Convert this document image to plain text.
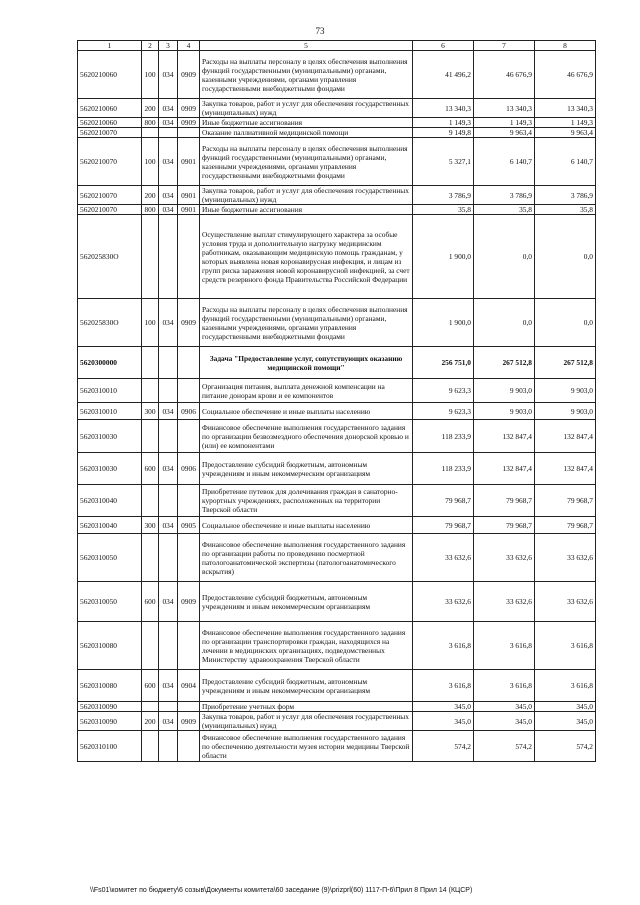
73
1	2	3	4	5	6	7	8
5620210060	100	034	0909	Расходы на выплаты персоналу в целях обеспечения выполнения функций государственными (муниципальными) органами, казенными учреждениями, органами управления государственными внебюджетными фондами	41 496,2	46 676,9	46 676,9
5620210060	200	034	0909	Закупка товаров, работ и услуг для обеспечения государственных (муниципальных) нужд	13 340,3	13 340,3	13 340,3
5620210060	800	034	0909	Иные бюджетные ассигнования	1 149,3	1 149,3	1 149,3
5620210070				Оказание паллиативной медицинской помощи	9 149,8	9 963,4	9 963,4
5620210070	100	034	0901	Расходы на выплаты персоналу в целях обеспечения выполнения функций государственными (муниципальными) органами, казенными учреждениями, органами управления государственными внебюджетными фондами	5 327,1	6 140,7	6 140,7
5620210070	200	034	0901	Закупка товаров, работ и услуг для обеспечения государственных (муниципальных) нужд	3 786,9	3 786,9	3 786,9
5620210070	800	034	0901	Иные бюджетные ассигнования	35,8	35,8	35,8
562025830О				Осуществление выплат стимулирующего характера за особые условия труда и дополнительную нагрузку медицинским работникам, оказывающим медицинскую помощь гражданам, у которых выявлена новая коронавирусная инфекция, и лицам из групп риска заражения новой коронавирусной инфекцией, за счет средств резервного фонда Правительства Российской Федерации	1 900,0	0,0	0,0
562025830О	100	034	0909	Расходы на выплаты персоналу в целях обеспечения выполнения функций государственными (муниципальными) органами, казенными учреждениями, органами управления государственными внебюджетными фондами	1 900,0	0,0	0,0
5620300000				Задача "Предоставление услуг, сопутствующих оказанию медицинской помощи"	256 751,0	267 512,8	267 512,8
5620310010				Организация питания, выплата денежной компенсации на питание донорам крови и ее компонентов	9 623,3	9 903,0	9 903,0
5620310010	300	034	0906	Социальное обеспечение и иные выплаты населению	9 623,3	9 903,0	9 903,0
5620310030				Финансовое обеспечение выполнения государственного задания по организации безвозмездного обеспечения донорской кровью и (или) ее компонентами	118 233,9	132 847,4	132 847,4
5620310030	600	034	0906	Предоставление субсидий бюджетным, автономным учреждениям и иным некоммерческим организациям	118 233,9	132 847,4	132 847,4
5620310040				Приобретение путевок для долечивания граждан в санаторно-курортных учреждениях, расположенных на территории Тверской области	79 968,7	79 968,7	79 968,7
5620310040	300	034	0905	Социальное обеспечение и иные выплаты населению	79 968,7	79 968,7	79 968,7
5620310050				Финансовое обеспечение выполнения государственного задания по организации работы по проведению посмертной патологоанатомической экспертизы (патологоанатомического вскрытия)	33 632,6	33 632,6	33 632,6
5620310050	600	034	0909	Предоставление субсидий бюджетным, автономным учреждениям и иным некоммерческим организациям	33 632,6	33 632,6	33 632,6
5620310080				Финансовое обеспечение выполнения государственного задания по организации транспортировки граждан, находящихся на лечении в медицинских организациях, подведомственных Министерству здравоохранения Тверской области	3 616,8	3 616,8	3 616,8
5620310080	600	034	0904	Предоставление субсидий бюджетным, автономным учреждениям и иным некоммерческим организациям	3 616,8	3 616,8	3 616,8
5620310090				Приобретение учетных форм	345,0	345,0	345,0
5620310090	200	034	0909	Закупка товаров, работ и услуг для обеспечения государственных (муниципальных) нужд	345,0	345,0	345,0
5620310100				Финансовое обеспечение выполнения государственного задания по обеспечению деятельности музея истории медицины Тверской области	574,2	574,2	574,2
\\Fs01\комитет по бюджету\6 созыв\Документы комитета\60 заседание (9)\prizprl(60) 1117-П-6\Прил 8 Прил 14 (КЦСР)
